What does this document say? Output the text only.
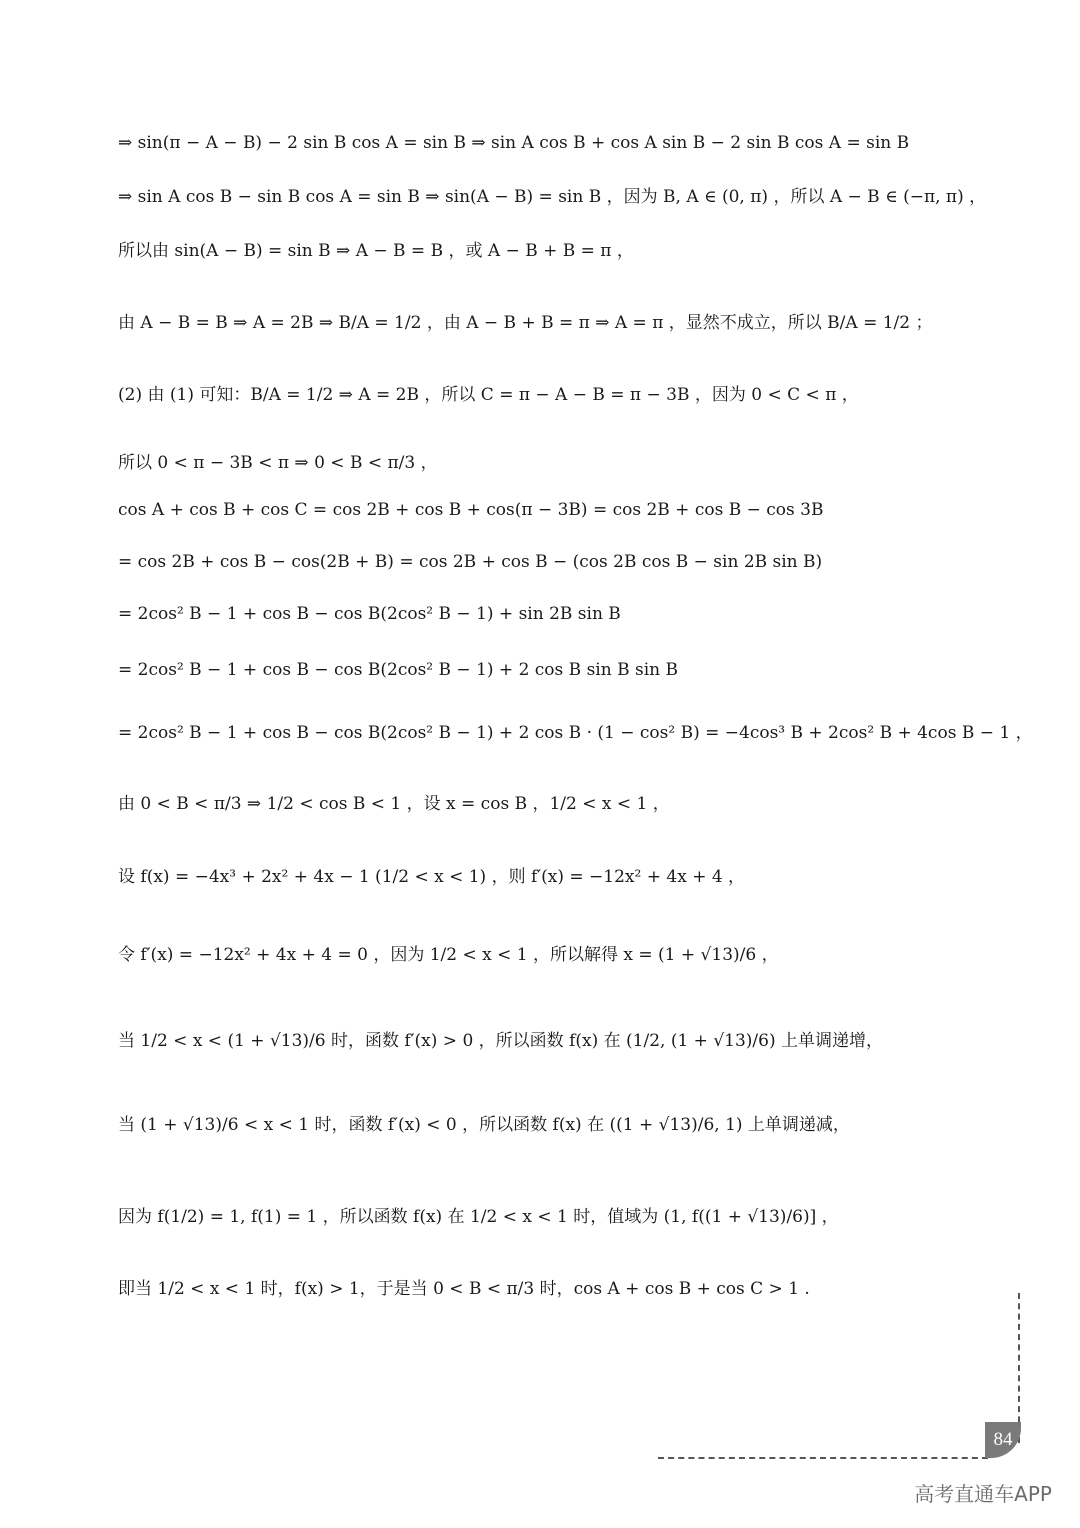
⇒ sin(π − A − B) − 2 sin B cos A = sin B ⇒ sin A cos B + cos A sin B − 2 sin B cos A = sin B
⇒ sin A cos B − sin B cos A = sin B ⇒ sin(A − B) = sin B ，因为 B, A ∈ (0, π) ，所以 A − B ∈ (−π, π) ，
所以由 sin(A − B) = sin B ⇒ A − B = B ，或 A − B + B = π ，
由 A − B = B ⇒ A = 2B ⇒ B/A = 1/2 ，由 A − B + B = π ⇒ A = π ，显然不成立，所以 B/A = 1/2 ；
(2) 由 (1) 可知：B/A = 1/2 ⇒ A = 2B ，所以 C = π − A − B = π − 3B ，因为 0 < C < π ，
所以 0 < π − 3B < π ⇒ 0 < B < π/3 ，
cos A + cos B + cos C = cos 2B + cos B + cos(π − 3B) = cos 2B + cos B − cos 3B
= cos 2B + cos B − cos(2B + B) = cos 2B + cos B − (cos 2B cos B − sin 2B sin B)
= 2cos² B − 1 + cos B − cos B(2cos² B − 1) + sin 2B sin B
= 2cos² B − 1 + cos B − cos B(2cos² B − 1) + 2 cos B sin B sin B
= 2cos² B − 1 + cos B − cos B(2cos² B − 1) + 2 cos B · (1 − cos² B) = −4cos³ B + 2cos² B + 4cos B − 1 ，
由 0 < B < π/3 ⇒ 1/2 < cos B < 1 ，设 x = cos B ，1/2 < x < 1 ，
设 f(x) = −4x³ + 2x² + 4x − 1 (1/2 < x < 1) ，则 f′(x) = −12x² + 4x + 4 ，
令 f′(x) = −12x² + 4x + 4 = 0 ，因为 1/2 < x < 1 ，所以解得 x = (1 + √13)/6 ，
当 1/2 < x < (1 + √13)/6 时，函数 f′(x) > 0 ，所以函数 f(x) 在 (1/2, (1 + √13)/6) 上单调递增，
当 (1 + √13)/6 < x < 1 时，函数 f′(x) < 0 ，所以函数 f(x) 在 ((1 + √13)/6, 1) 上单调递减，
因为 f(1/2) = 1, f(1) = 1 ，所以函数 f(x) 在 1/2 < x < 1 时，值域为 (1, f((1 + √13)/6)] ，
即当 1/2 < x < 1 时，f(x) > 1，于是当 0 < B < π/3 时，cos A + cos B + cos C > 1 .
84
高考直通车APP
